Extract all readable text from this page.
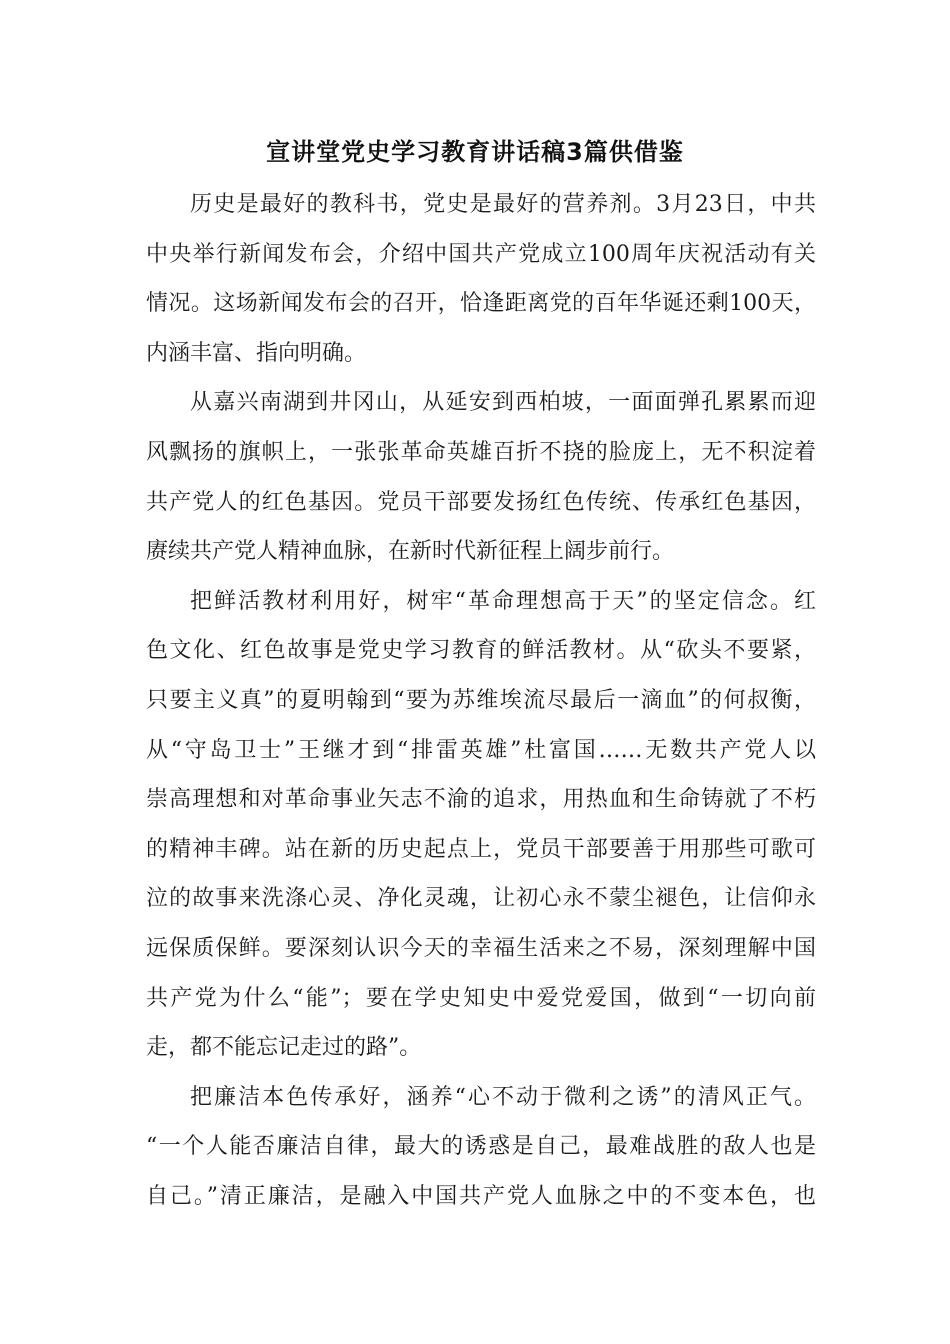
宣讲堂党史学习教育讲话稿3篇供借鉴
历史是最好的教科书，党史是最好的营养剂。3月23日，中共
中央举行新闻发布会，介绍中国共产党成立100周年庆祝活动有关
情况。这场新闻发布会的召开，恰逢距离党的百年华诞还剩100天，
内涵丰富、指向明确。
从嘉兴南湖到井冈山，从延安到西柏坡，一面面弹孔累累而迎
风飘扬的旗帜上，一张张革命英雄百折不挠的脸庞上，无不积淀着
共产党人的红色基因。党员干部要发扬红色传统、传承红色基因，
赓续共产党人精神血脉，在新时代新征程上阔步前行。
把鲜活教材利用好，树牢“革命理想高于天”的坚定信念。红
色文化、红色故事是党史学习教育的鲜活教材。从“砍头不要紧，
只要主义真”的夏明翰到“要为苏维埃流尽最后一滴血”的何叔衡，
从“守岛卫士”王继才到“排雷英雄”杜富国……无数共产党人以
崇高理想和对革命事业矢志不渝的追求，用热血和生命铸就了不朽
的精神丰碑。站在新的历史起点上，党员干部要善于用那些可歌可
泣的故事来洗涤心灵、净化灵魂，让初心永不蒙尘褪色，让信仰永
远保质保鲜。要深刻认识今天的幸福生活来之不易，深刻理解中国
共产党为什么“能”；要在学史知史中爱党爱国，做到“一切向前
走，都不能忘记走过的路”。
把廉洁本色传承好，涵养“心不动于微利之诱”的清风正气。
“一个人能否廉洁自律，最大的诱惑是自己，最难战胜的敌人也是
自己。”清正廉洁，是融入中国共产党人血脉之中的不变本色，也
